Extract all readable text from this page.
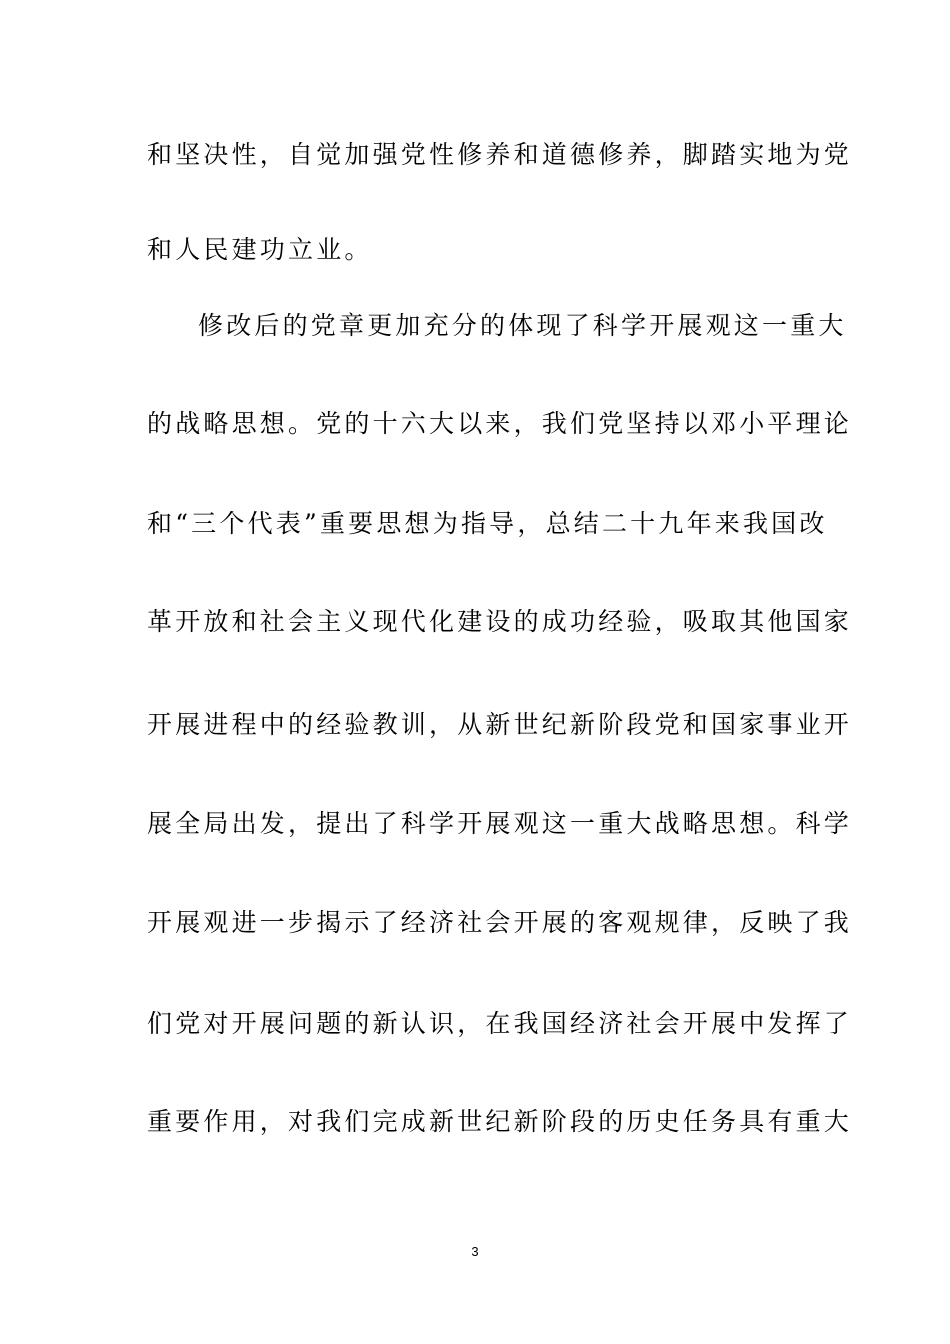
和坚决性，自觉加强党性修养和道德修养，脚踏实地为党
和人民建功立业。
修改后的党章更加充分的体现了科学开展观这一重大
的战略思想。党的十六大以来，我们党坚持以邓小平理论
和“三个代表”重要思想为指导，总结二十九年来我国改
革开放和社会主义现代化建设的成功经验，吸取其他国家
开展进程中的经验教训，从新世纪新阶段党和国家事业开
展全局出发，提出了科学开展观这一重大战略思想。科学
开展观进一步揭示了经济社会开展的客观规律，反映了我
们党对开展问题的新认识，在我国经济社会开展中发挥了
重要作用，对我们完成新世纪新阶段的历史任务具有重大
3
